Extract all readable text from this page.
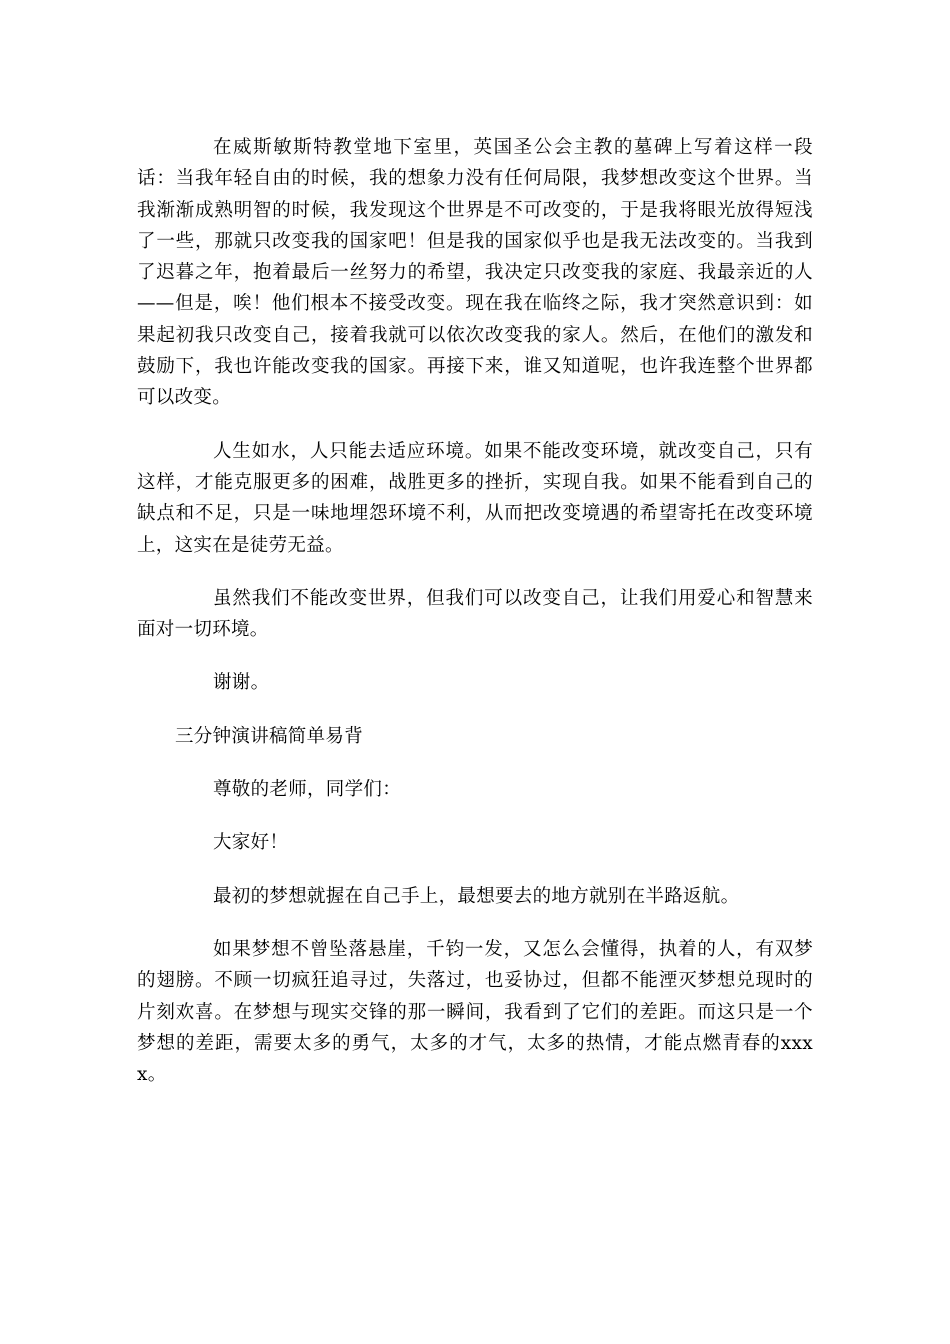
在威斯敏斯特教堂地下室里，英国圣公会主教的墓碑上写着这样一段话：当我年轻自由的时候，我的想象力没有任何局限，我梦想改变这个世界。当我渐渐成熟明智的时候，我发现这个世界是不可改变的，于是我将眼光放得短浅了一些，那就只改变我的国家吧！但是我的国家似乎也是我无法改变的。当我到了迟暮之年，抱着最后一丝努力的希望，我决定只改变我的家庭、我最亲近的人——但是，唉！他们根本不接受改变。现在我在临终之际，我才突然意识到：如果起初我只改变自己，接着我就可以依次改变我的家人。然后，在他们的激发和鼓励下，我也许能改变我的国家。再接下来，谁又知道呢，也许我连整个世界都可以改变。

人生如水，人只能去适应环境。如果不能改变环境，就改变自己，只有这样，才能克服更多的困难，战胜更多的挫折，实现自我。如果不能看到自己的缺点和不足，只是一味地埋怨环境不利，从而把改变境遇的希望寄托在改变环境上，这实在是徒劳无益。

虽然我们不能改变世界，但我们可以改变自己，让我们用爱心和智慧来面对一切环境。

谢谢。

三分钟演讲稿简单易背

尊敬的老师，同学们：

大家好！

最初的梦想就握在自己手上，最想要去的地方就别在半路返航。

如果梦想不曾坠落悬崖，千钧一发，又怎么会懂得，执着的人，有双梦的翅膀。不顾一切疯狂追寻过，失落过，也妥协过，但都不能湮灭梦想兑现时的片刻欢喜。在梦想与现实交锋的那一瞬间，我看到了它们的差距。而这只是一个梦想的差距，需要太多的勇气，太多的才气，太多的热情，才能点燃青春的xxxx。
